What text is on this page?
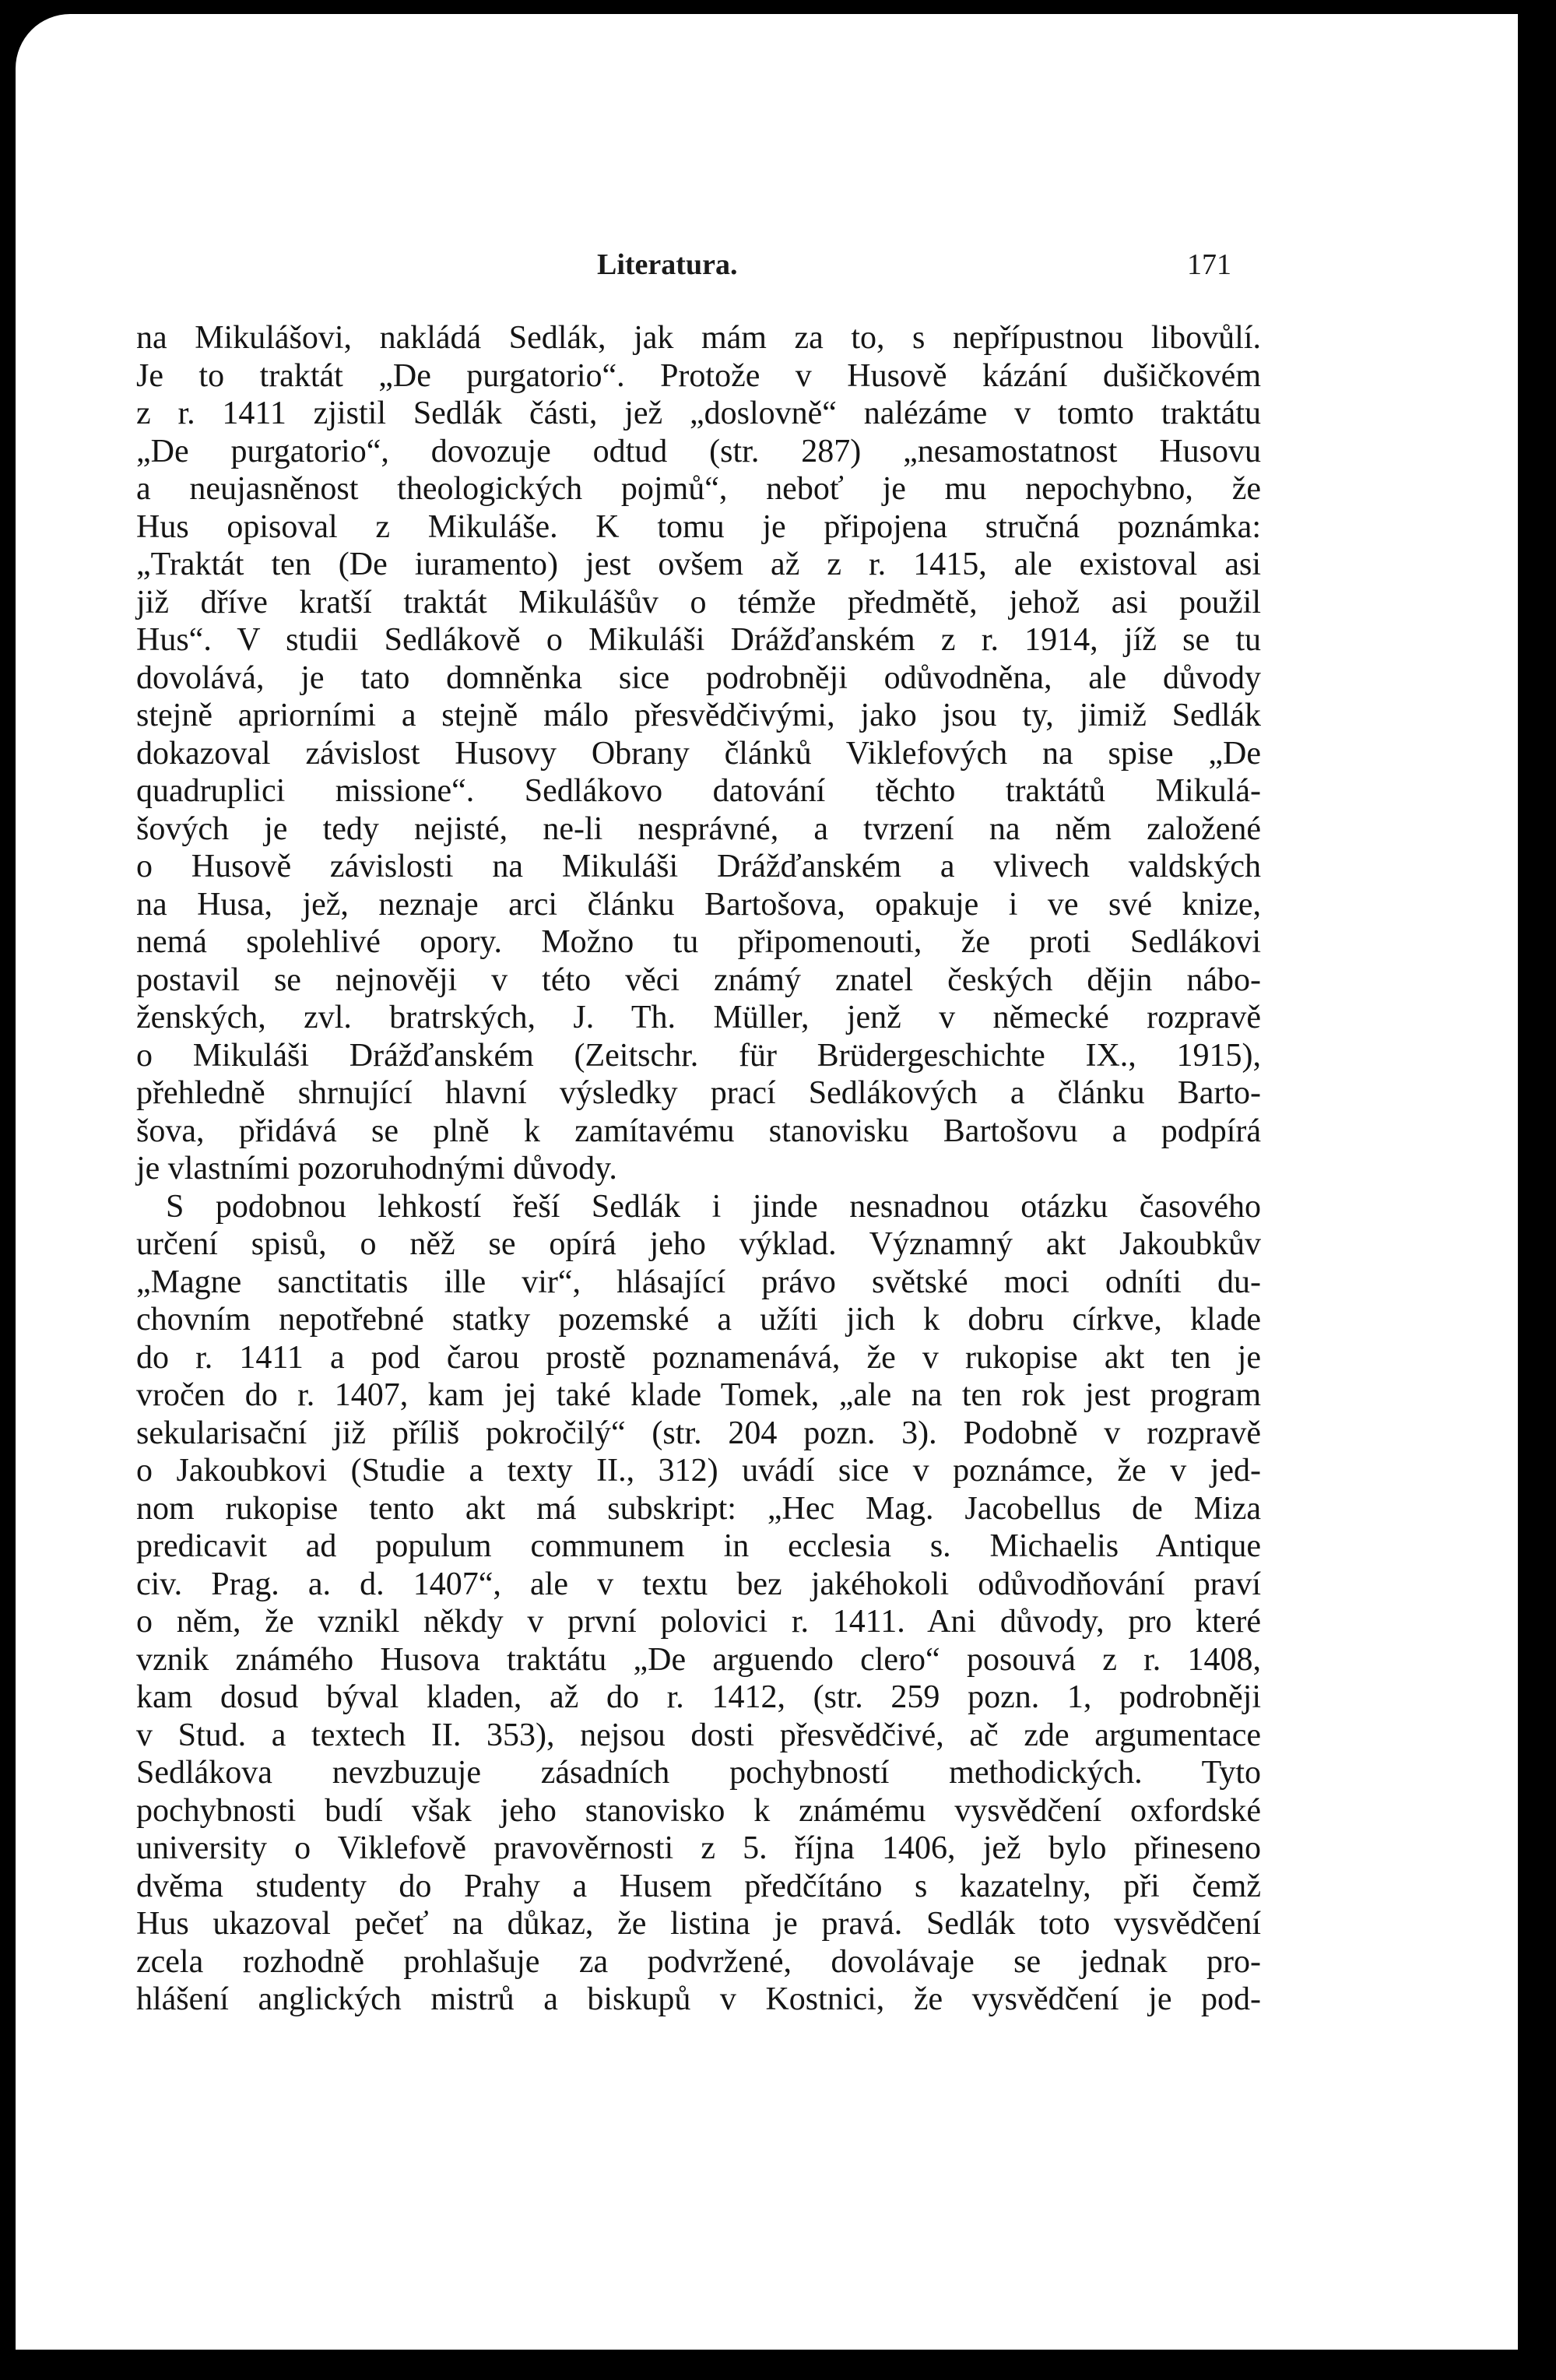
Literatura.	171
na Mikulášovi, nakládá Sedlák, jak mám za to, s nepřípustnou libovůlí.
Je to traktát „De purgatorio“. Protože v Husově kázání dušičkovém
z r. 1411 zjistil Sedlák části, jež „doslovně“ nalézáme v tomto traktátu
„De purgatorio“, dovozuje odtud (str. 287) „nesamostatnost Husovu
a neujasněnost theologických pojmů“, neboť je mu nepochybno, že
Hus opisoval z Mikuláše. K tomu je připojena stručná poznámka:
„Traktát ten (De iuramento) jest ovšem až z r. 1415, ale existoval asi
již dříve kratší traktát Mikulášův o témže předmětě, jehož asi použil
Hus“. V studii Sedlákově o Mikuláši Drážďanském z r. 1914, jíž se tu
dovolává, je tato domněnka sice podrobněji odůvodněna, ale důvody
stejně apriorními a stejně málo přesvědčivými, jako jsou ty, jimiž Sedlák
dokazoval závislost Husovy Obrany článků Viklefových na spise „De
quadruplici missione“. Sedlákovo datování těchto traktátů Mikulá-
šových je tedy nejisté, ne-li nesprávné, a tvrzení na něm založené
o Husově závislosti na Mikuláši Drážďanském a vlivech valdských
na Husa, jež, neznaje arci článku Bartošova, opakuje i ve své knize,
nemá spolehlivé opory. Možno tu připomenouti, že proti Sedlákovi
postavil se nejnověji v této věci známý znatel českých dějin nábo-
ženských, zvl. bratrských, J. Th. Müller, jenž v německé rozpravě
o Mikuláši Drážďanském (Zeitschr. für Brüdergeschichte IX., 1915),
přehledně shrnující hlavní výsledky prací Sedlákových a článku Barto-
šova, přidává se plně k zamítavému stanovisku Bartošovu a podpírá
je vlastními pozoruhodnými důvody.
S podobnou lehkostí řeší Sedlák i jinde nesnadnou otázku časového
určení spisů, o něž se opírá jeho výklad. Významný akt Jakoubkův
„Magne sanctitatis ille vir“, hlásající právo světské moci odníti du-
chovním nepotřebné statky pozemské a užíti jich k dobru církve, klade
do r. 1411 a pod čarou prostě poznamenává, že v rukopise akt ten je
vročen do r. 1407, kam jej také klade Tomek, „ale na ten rok jest program
sekularisační již příliš pokročilý“ (str. 204 pozn. 3). Podobně v rozpravě
o Jakoubkovi (Studie a texty II., 312) uvádí sice v poznámce, že v jed-
nom rukopise tento akt má subskript: „Hec Mag. Jacobellus de Miza
predicavit ad populum communem in ecclesia s. Michaelis Antique
civ. Prag. a. d. 1407“, ale v textu bez jakéhokoli odůvodňování praví
o něm, že vznikl někdy v první polovici r. 1411. Ani důvody, pro které
vznik známého Husova traktátu „De arguendo clero“ posouvá z r. 1408,
kam dosud býval kladen, až do r. 1412, (str. 259 pozn. 1, podrobněji
v Stud. a textech II. 353), nejsou dosti přesvědčivé, ač zde argumentace
Sedlákova nevzbuzuje zásadních pochybností methodických. Tyto
pochybnosti budí však jeho stanovisko k známému vysvědčení oxfordské
university o Viklefově pravověrnosti z 5. října 1406, jež bylo přineseno
dvěma studenty do Prahy a Husem předčítáno s kazatelny, při čemž
Hus ukazoval pečeť na důkaz, že listina je pravá. Sedlák toto vysvědčení
zcela rozhodně prohlašuje za podvržené, dovolávaje se jednak pro-
hlášení anglických mistrů a biskupů v Kostnici, že vysvědčení je pod-
